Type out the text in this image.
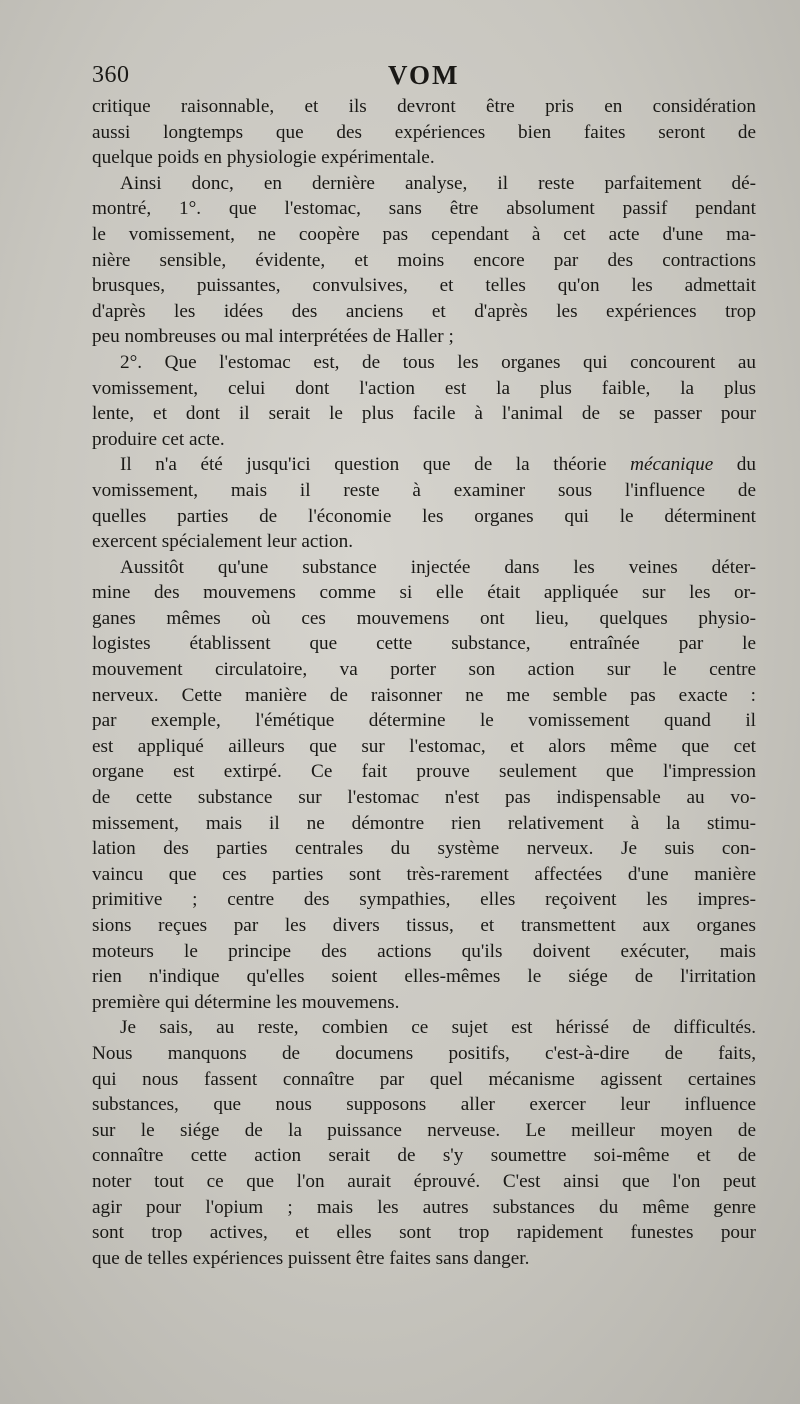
360	VOM
critique raisonnable, et ils devront être pris en considération
aussi longtemps que des expériences bien faites seront de
quelque poids en physiologie expérimentale.
Ainsi donc, en dernière analyse, il reste parfaitement dé-
montré, 1°. que l'estomac, sans être absolument passif pendant
le vomissement, ne coopère pas cependant à cet acte d'une ma-
nière sensible, évidente, et moins encore par des contractions
brusques, puissantes, convulsives, et telles qu'on les admettait
d'après les idées des anciens et d'après les expériences trop
peu nombreuses ou mal interprétées de Haller ;
2°. Que l'estomac est, de tous les organes qui concourent au
vomissement, celui dont l'action est la plus faible, la plus
lente, et dont il serait le plus facile à l'animal de se passer pour
produire cet acte.
Il n'a été jusqu'ici question que de la théorie mécanique du
vomissement, mais il reste à examiner sous l'influence de
quelles parties de l'économie les organes qui le déterminent
exercent spécialement leur action.
Aussitôt qu'une substance injectée dans les veines déter-
mine des mouvemens comme si elle était appliquée sur les or-
ganes mêmes où ces mouvemens ont lieu, quelques physio-
logistes établissent que cette substance, entraînée par le
mouvement circulatoire, va porter son action sur le centre
nerveux. Cette manière de raisonner ne me semble pas exacte :
par exemple, l'émétique détermine le vomissement quand il
est appliqué ailleurs que sur l'estomac, et alors même que cet
organe est extirpé. Ce fait prouve seulement que l'impression
de cette substance sur l'estomac n'est pas indispensable au vo-
missement, mais il ne démontre rien relativement à la stimu-
lation des parties centrales du système nerveux. Je suis con-
vaincu que ces parties sont très-rarement affectées d'une manière
primitive ; centre des sympathies, elles reçoivent les impres-
sions reçues par les divers tissus, et transmettent aux organes
moteurs le principe des actions qu'ils doivent exécuter, mais
rien n'indique qu'elles soient elles-mêmes le siége de l'irritation
première qui détermine les mouvemens.
Je sais, au reste, combien ce sujet est hérissé de difficultés.
Nous manquons de documens positifs, c'est-à-dire de faits,
qui nous fassent connaître par quel mécanisme agissent certaines
substances, que nous supposons aller exercer leur influence
sur le siége de la puissance nerveuse. Le meilleur moyen de
connaître cette action serait de s'y soumettre soi-même et de
noter tout ce que l'on aurait éprouvé. C'est ainsi que l'on peut
agir pour l'opium ; mais les autres substances du même genre
sont trop actives, et elles sont trop rapidement funestes pour
que de telles expériences puissent être faites sans danger.
